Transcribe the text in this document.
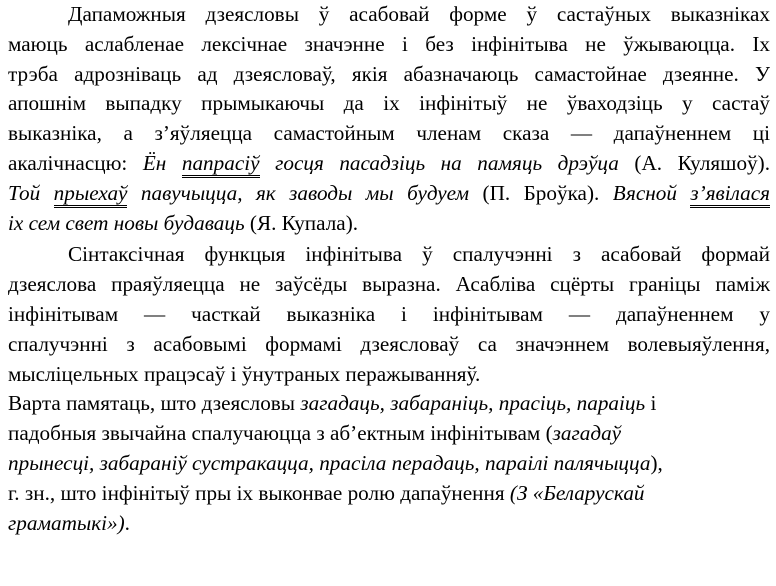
Дапаможныя дзеясловы ў асабовай форме ў састаўных выказніках
маюць аслабленае лексічнае значэнне і без інфінітыва не ўжываюцца. Іх
трэба адрозніваць ад дзеясловаў, якія абазначаюць самастойнае дзеянне. У
апошнім выпадку прымыкаючы да іх інфінітыў не ўваходзіць у састаў
выказніка, а з’яўляецца самастойным членам сказа — дапаўненнем ці
акалічнасцю: Ён папрасіў госця пасадзіць на памяць дрэўца (А. Куляшоў).
Той прыехаў павучыцца, як заводы мы будуем (П. Броўка). Вясной з’явілася
ix сем свет новы будаваць (Я. Купала).
Сінтаксічная функцыя інфінітыва ў спалучэнні з асабовай формай
дзеяслова праяўляецца не заўсёды выразна. Асабліва сцёрты граніцы паміж
інфінітывам — часткай выказніка і інфінітывам — дапаўненнем у
спалучэнні з асабовымі формамі дзеясловаў са значэннем волевыяўлення,
мысліцельных працэсаў і ўнутраных перажыванняў.
Варта памятаць, што дзеясловы загадаць, забараніць, прасіць, параіць і
падобныя звычайна спалучаюцца з аб’ектным інфінітывам (загадаў
прынесці, забараніў сустракацца, прасіла перадаць, параілі палячыцца),
г. зн., што інфінітыў пры іх выконвае ролю дапаўнення (З «Беларускай
граматыкі»).
